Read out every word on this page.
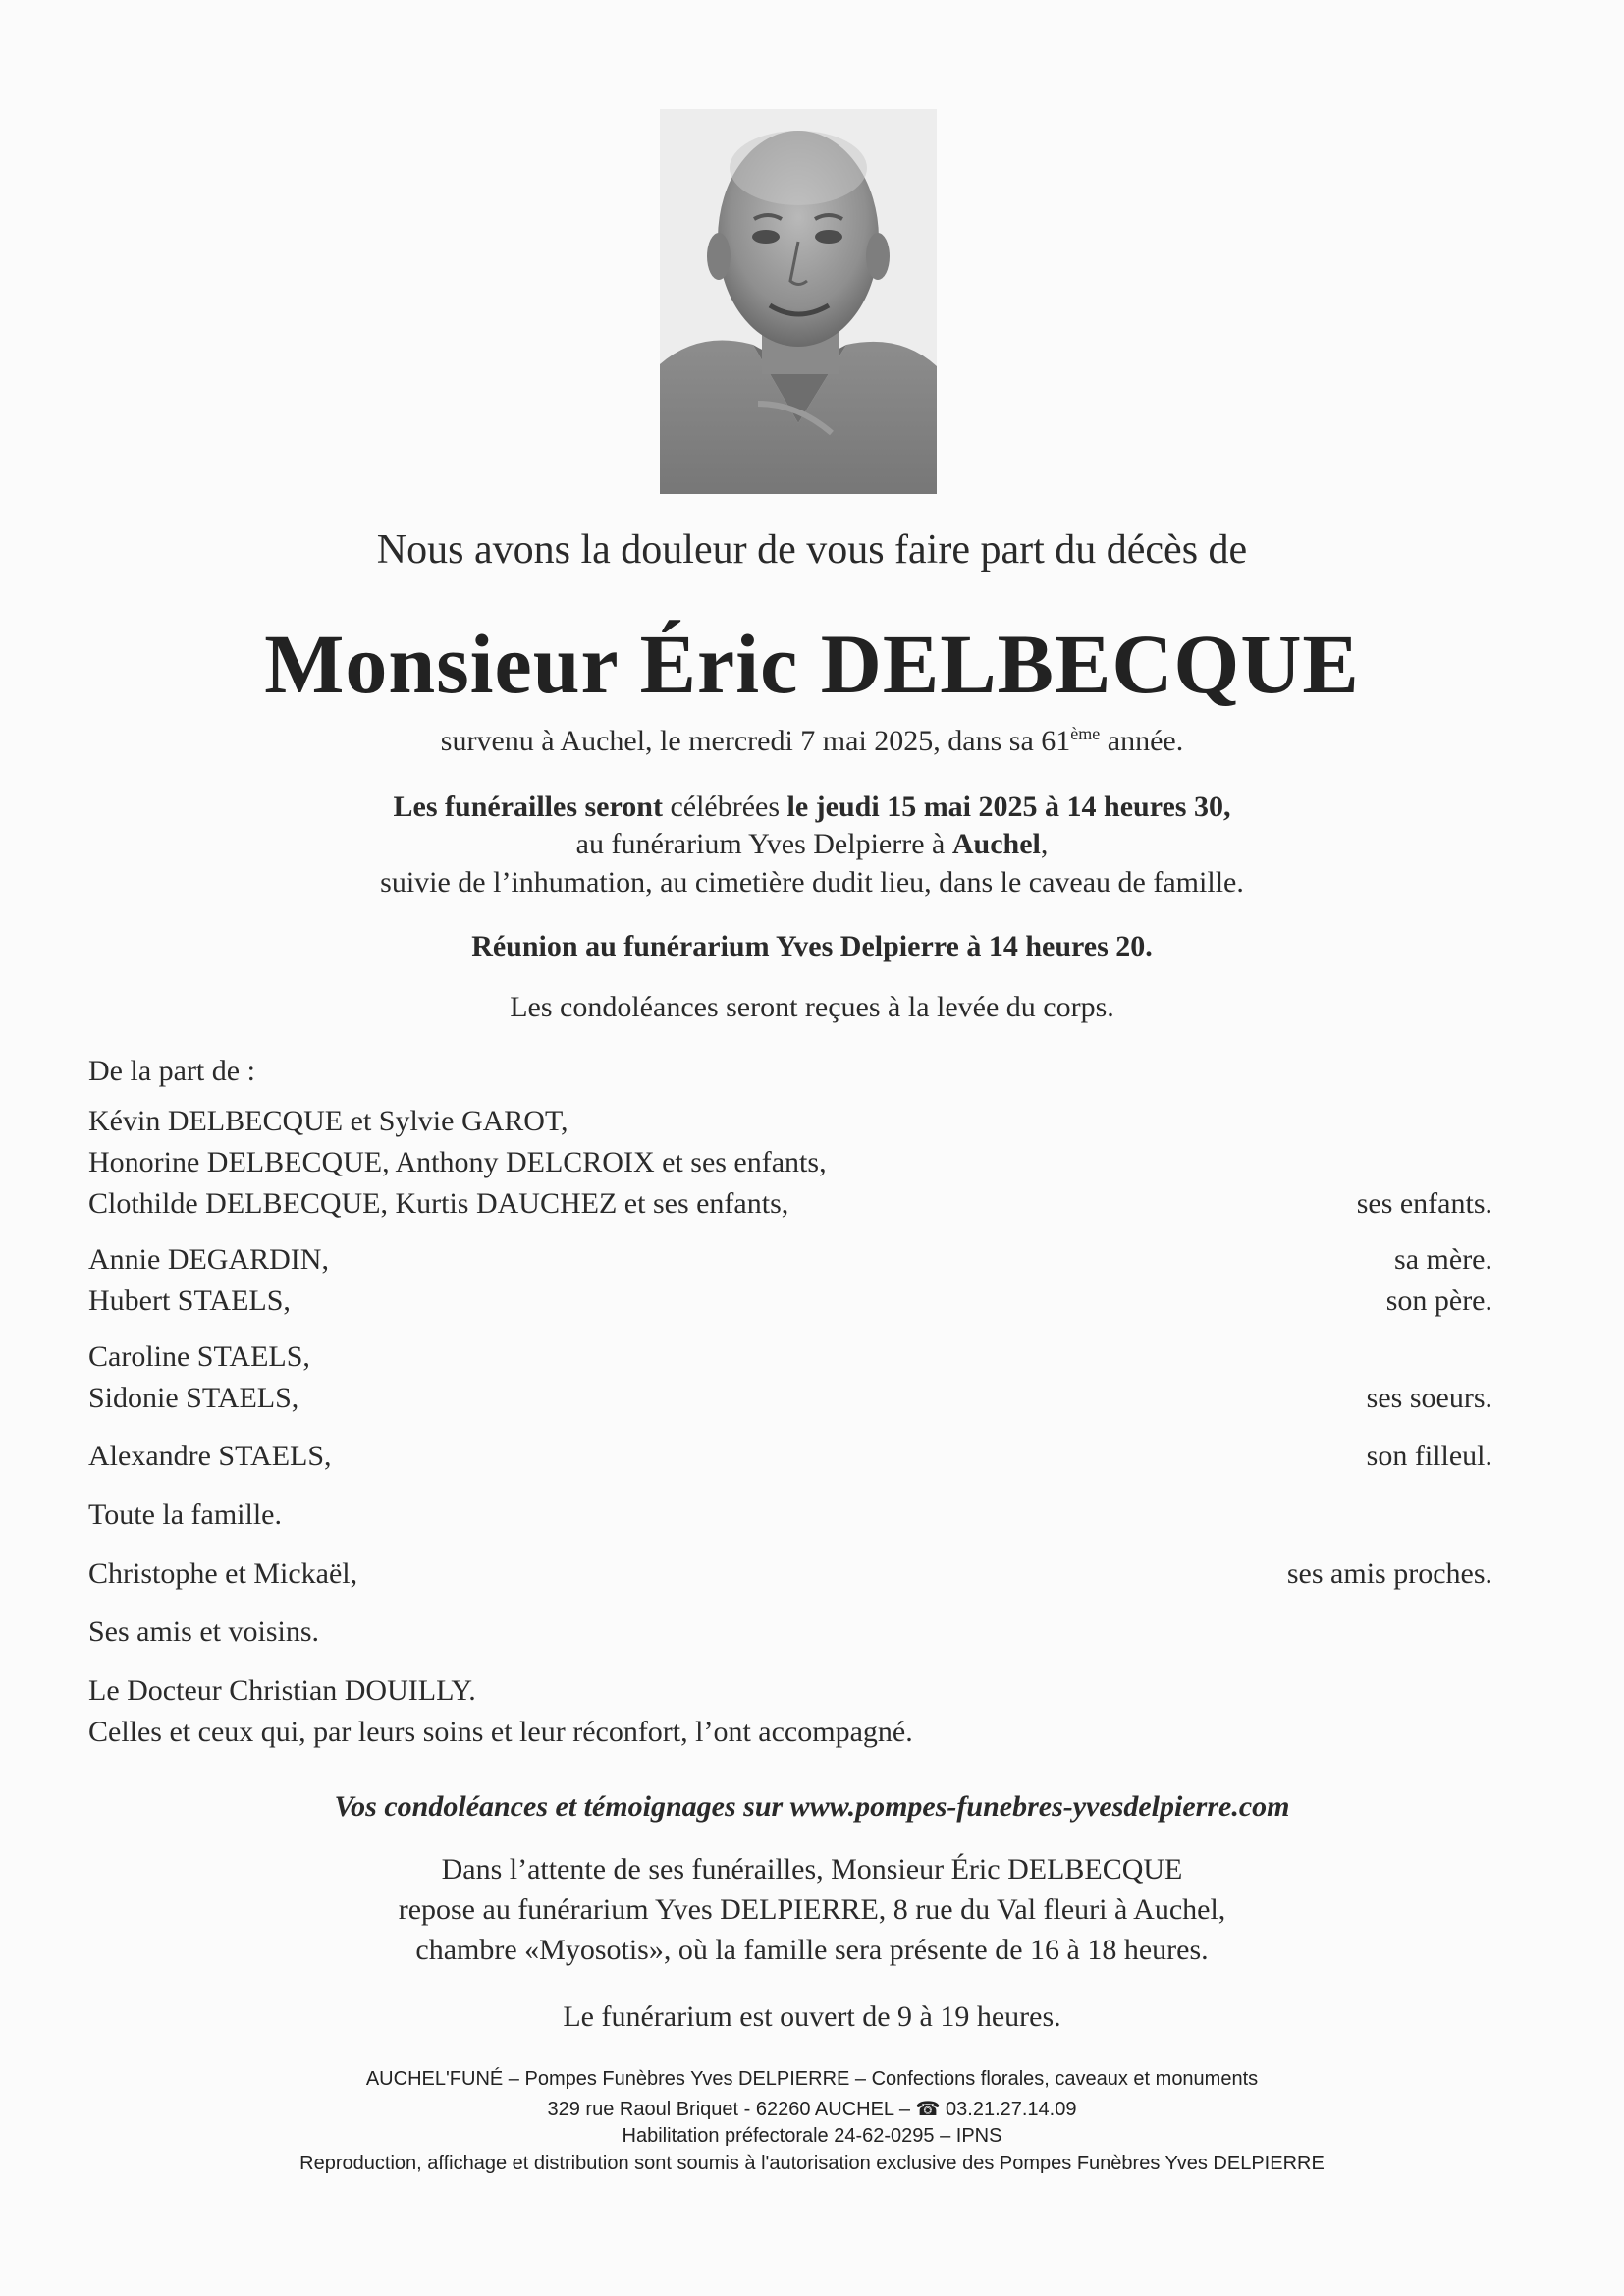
Nous avons la douleur de vous faire part du décès de
Monsieur Éric DELBECQUE
survenu à Auchel, le mercredi 7 mai 2025, dans sa 61ème année.
Les funérailles seront célébrées le jeudi 15 mai 2025 à 14 heures 30,
au funérarium Yves Delpierre à Auchel,
suivie de l’inhumation, au cimetière dudit lieu, dans le caveau de famille.
Réunion au funérarium Yves Delpierre à 14 heures 20.
Les condoléances seront reçues à la levée du corps.
De la part de :
Kévin DELBECQUE et Sylvie GAROT,
Honorine DELBECQUE, Anthony DELCROIX et ses enfants,
Clothilde DELBECQUE, Kurtis DAUCHEZ et ses enfants,	ses enfants.
Annie DEGARDIN,	sa mère.
Hubert STAELS,	son père.
Caroline STAELS,
Sidonie STAELS,	ses soeurs.
Alexandre STAELS,	son filleul.
Toute la famille.
Christophe et Mickaël,	ses amis proches.
Ses amis et voisins.
Le Docteur Christian DOUILLY.
Celles et ceux qui, par leurs soins et leur réconfort, l’ont accompagné.
Vos condoléances et témoignages sur www.pompes-funebres-yvesdelpierre.com
Dans l’attente de ses funérailles, Monsieur Éric DELBECQUE
repose au funérarium Yves DELPIERRE, 8 rue du Val fleuri à Auchel,
chambre «Myosotis», où la famille sera présente de 16 à 18 heures.
Le funérarium est ouvert de 9 à 19 heures.
AUCHEL'FUNÉ – Pompes Funèbres Yves DELPIERRE – Confections florales, caveaux et monuments
329 rue Raoul Briquet - 62260 AUCHEL – ☎ 03.21.27.14.09
Habilitation préfectorale 24-62-0295 – IPNS
Reproduction, affichage et distribution sont soumis à l'autorisation exclusive des Pompes Funèbres Yves DELPIERRE
